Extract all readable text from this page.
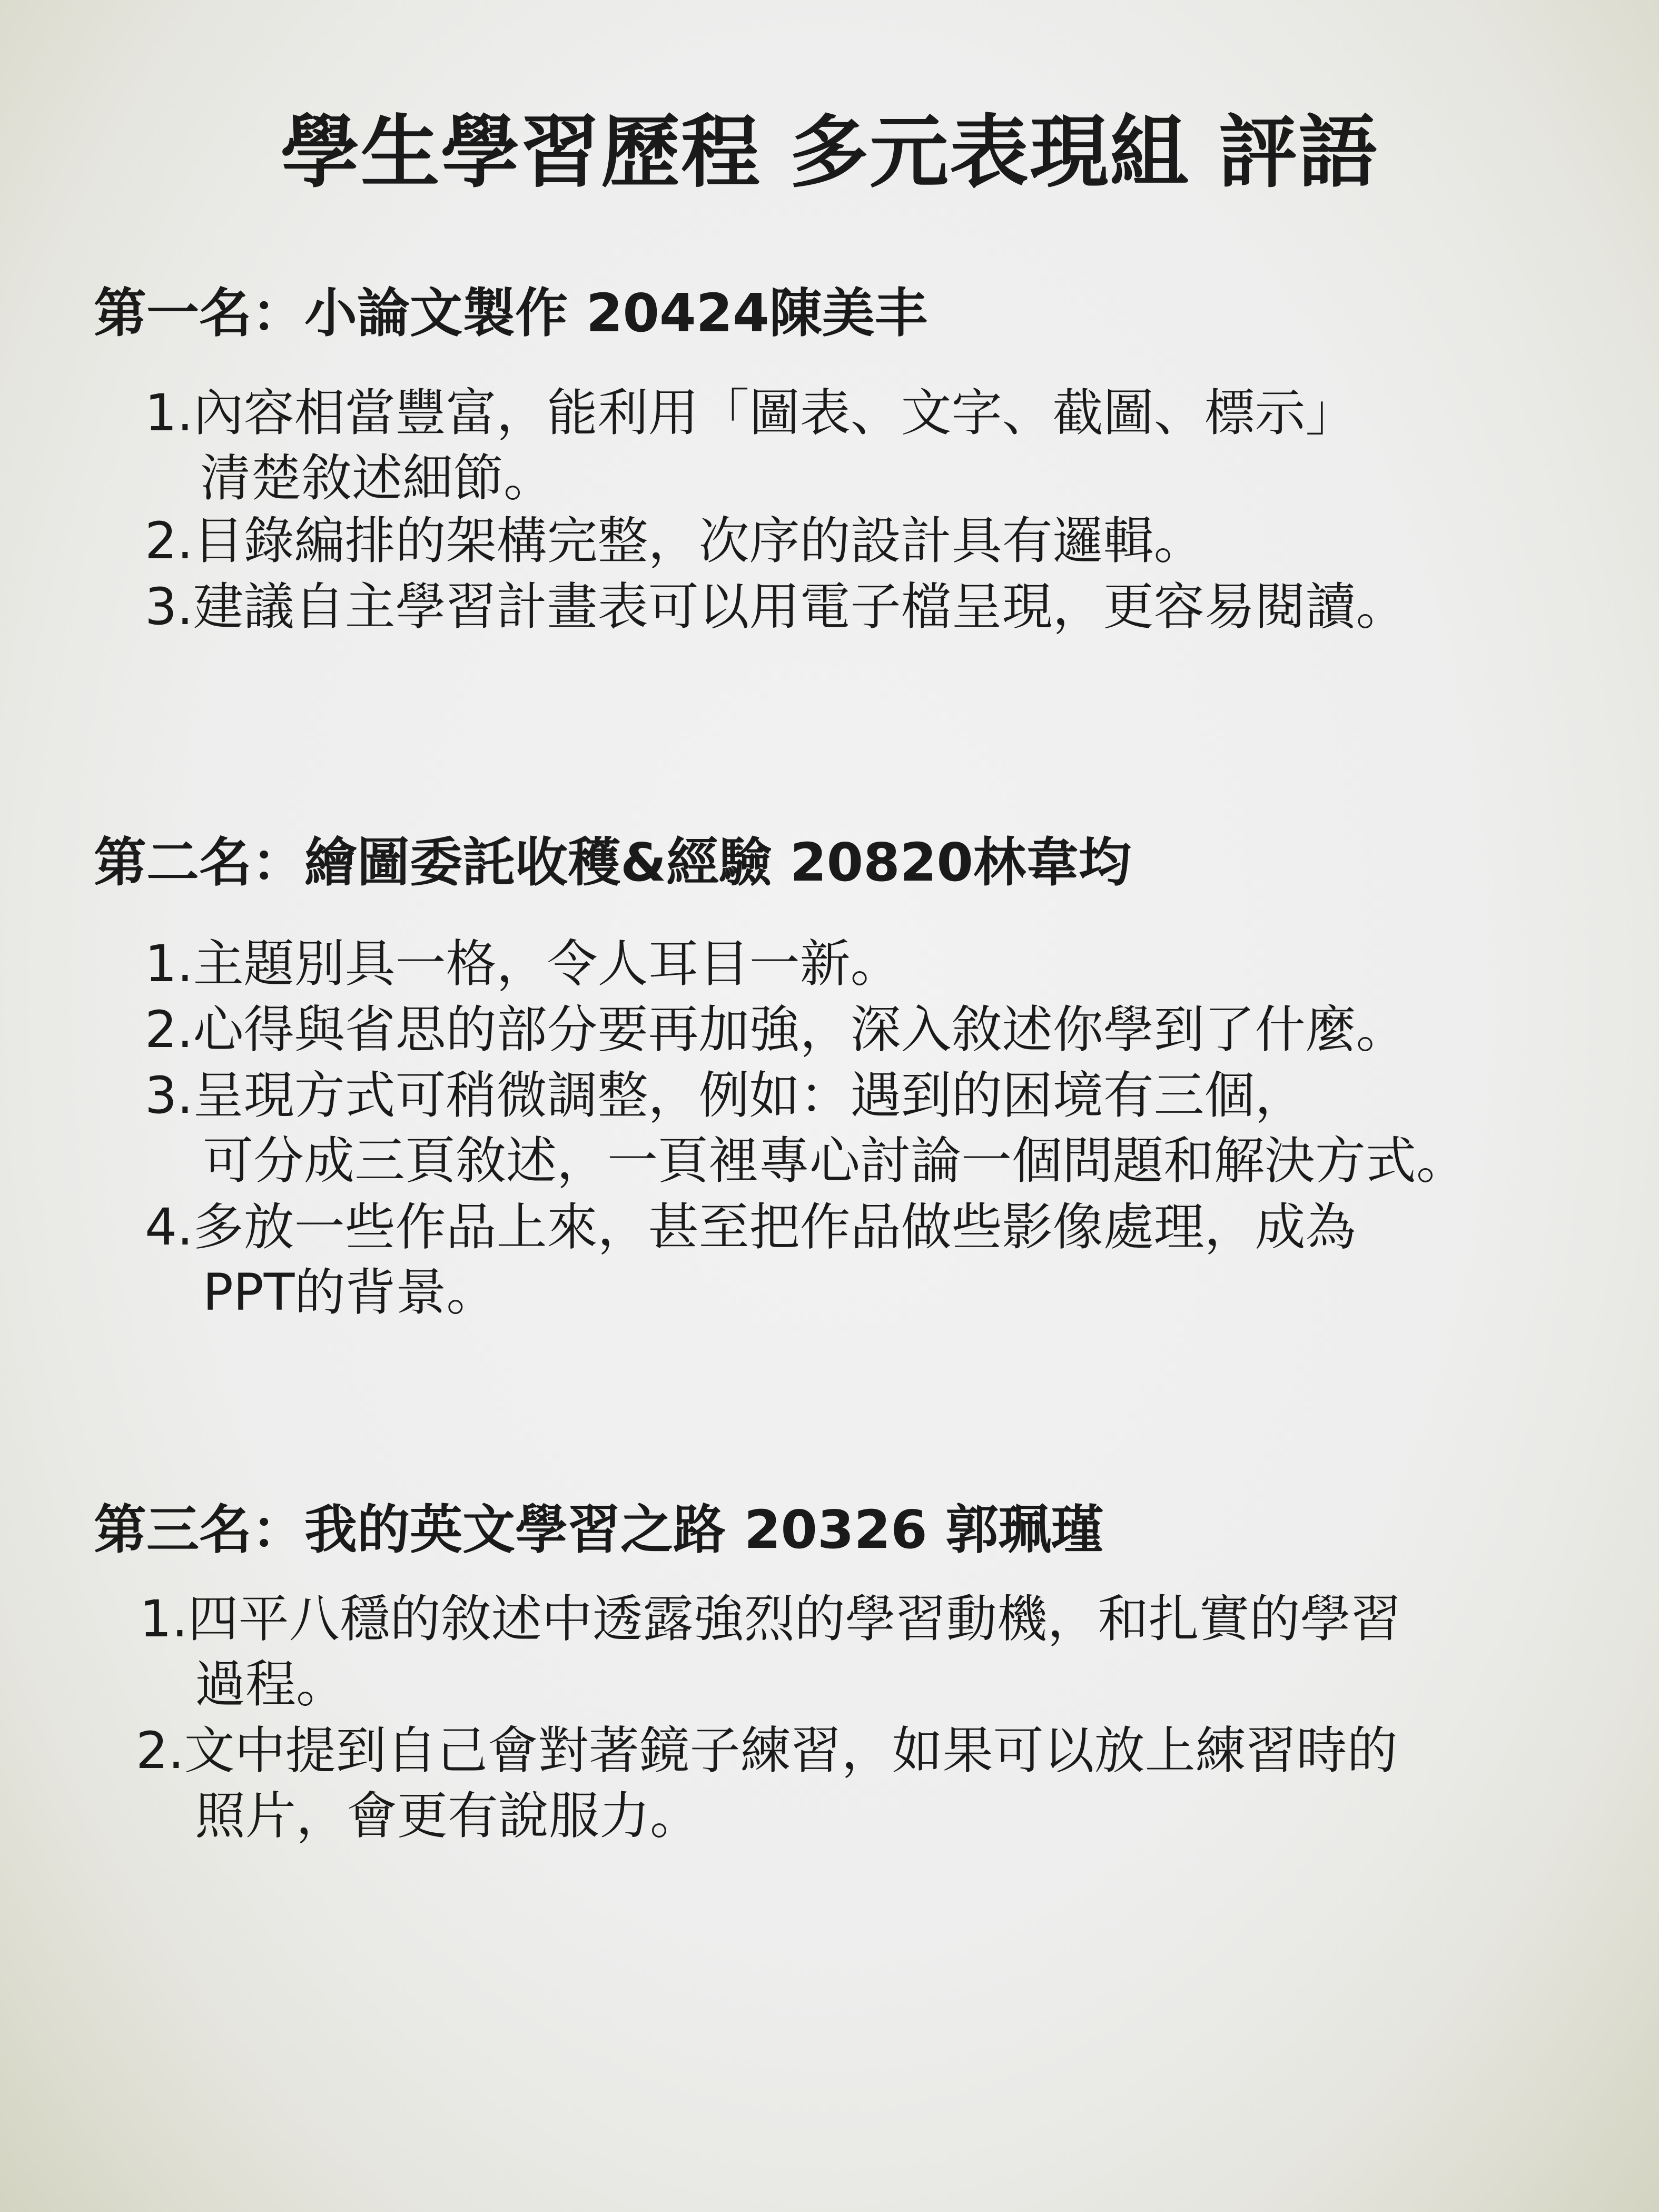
學生學習歷程 多元表現組 評語
第一名：小論文製作 20424陳美丰
1.內容相當豐富，能利用「圖表、文字、截圖、標示」
清楚敘述細節。
2.目錄編排的架構完整，次序的設計具有邏輯。
3.建議自主學習計畫表可以用電子檔呈現，更容易閱讀。
第二名：繪圖委託收穫&經驗 20820林韋均
1.主題別具一格，令人耳目一新。
2.心得與省思的部分要再加強，深入敘述你學到了什麼。
3.呈現方式可稍微調整，例如：遇到的困境有三個，
可分成三頁敘述，一頁裡專心討論一個問題和解決方式。
4.多放一些作品上來，甚至把作品做些影像處理，成為
PPT的背景。
第三名：我的英文學習之路 20326 郭珮瑾
1.四平八穩的敘述中透露強烈的學習動機，和扎實的學習
過程。
2.文中提到自己會對著鏡子練習，如果可以放上練習時的
照片，會更有說服力。
